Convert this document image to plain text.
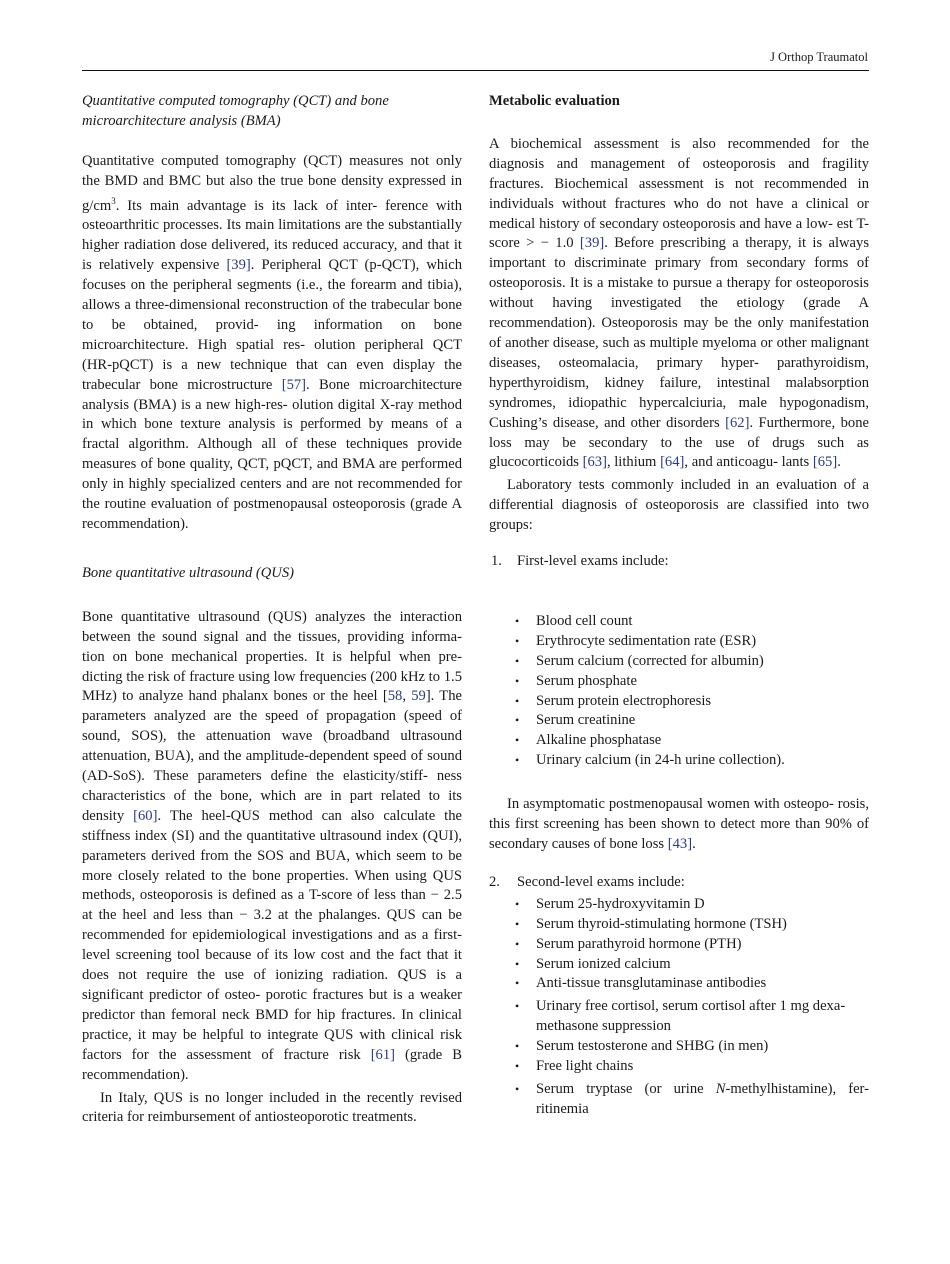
J Orthop Traumatol

Quantitative computed tomography (QCT) and bone microarchitecture analysis (BMA)

Quantitative computed tomography (QCT) measures not only the BMD and BMC but also the true bone density expressed in $g/cm^3$. Its main advantage is its lack of inter- ference with osteoarthritic processes. Its main limitations are the substantially higher radiation dose delivered, its reduced accuracy, and that it is relatively expensive [39]. Peripheral QCT (p-QCT), which focuses on the peripheral segments (i.e., the forearm and tibia), allows a three-dimensional reconstruction of the trabecular bone to be obtained, provid- ing information on bone microarchitecture. High spatial res- olution peripheral QCT (HR-pQCT) is a new technique that can even display the trabecular bone microstructure [57]. Bone microarchitecture analysis (BMA) is a new high-res- olution digital X-ray method in which bone texture analysis is performed by means of a fractal algorithm. Although all of these techniques provide measures of bone quality, QCT, pQCT, and BMA are performed only in highly specialized centers and are not recommended for the routine evaluation of postmenopausal osteoporosis (grade A recommendation).

Bone quantitative ultrasound (QUS)

Bone quantitative ultrasound (QUS) analyzes the interaction between the sound signal and the tissues, providing informa- tion on bone mechanical properties. It is helpful when pre- dicting the risk of fracture using low frequencies (200 kHz to 1.5 MHz) to analyze hand phalanx bones or the heel [58, 59]. The parameters analyzed are the speed of propagation (speed of sound, SOS), the attenuation wave (broadband ultrasound attenuation, BUA), and the amplitude-dependent speed of sound (AD-SoS). These parameters define the elasticity/stiff- ness characteristics of the bone, which are in part related to its density [60]. The heel-QUS method can also calculate the stiffness index (SI) and the quantitative ultrasound index (QUI), parameters derived from the SOS and BUA, which seem to be more closely related to the bone properties. When using QUS methods, osteoporosis is defined as a T-score of less than − 2.5 at the heel and less than − 3.2 at the phalanges. QUS can be recommended for epidemiological investigations and as a first-level screening tool because of its low cost and the fact that it does not require the use of ionizing radiation. QUS is a significant predictor of osteo- porotic fractures but is a weaker predictor than femoral neck BMD for hip fractures. In clinical practice, it may be helpful to integrate QUS with clinical risk factors for the assessment of fracture risk [61] (grade B recommendation).

In Italy, QUS is no longer included in the recently revised criteria for reimbursement of antiosteoporotic treatments.

Metabolic evaluation

A biochemical assessment is also recommended for the diagnosis and management of osteoporosis and fragility fractures. Biochemical assessment is not recommended in individuals without fractures who do not have a clinical or medical history of secondary osteoporosis and have a low- est T-score > − 1.0 [39]. Before prescribing a therapy, it is always important to discriminate primary from secondary forms of osteoporosis. It is a mistake to pursue a therapy for osteoporosis without having investigated the etiology (grade A recommendation). Osteoporosis may be the only manifestation of another disease, such as multiple myeloma or other malignant diseases, osteomalacia, primary hyper- parathyroidism, hyperthyroidism, kidney failure, intestinal malabsorption syndromes, idiopathic hypercalciuria, male hypogonadism, Cushing’s disease, and other disorders [62]. Furthermore, bone loss may be secondary to the use of drugs such as glucocorticoids [63], lithium [64], and anticoagu- lants [65].

Laboratory tests commonly included in an evaluation of a differential diagnosis of osteoporosis are classified into two groups:

1. First-level exams include:
• Blood cell count
• Erythrocyte sedimentation rate (ESR)
• Serum calcium (corrected for albumin)
• Serum phosphate
• Serum protein electrophoresis
• Serum creatinine
• Alkaline phosphatase
• Urinary calcium (in 24-h urine collection).

In asymptomatic postmenopausal women with osteopo- rosis, this first screening has been shown to detect more than 90% of secondary causes of bone loss [43].

2. Second-level exams include:
• Serum 25-hydroxyvitamin D
• Serum thyroid-stimulating hormone (TSH)
• Serum parathyroid hormone (PTH)
• Serum ionized calcium
• Anti-tissue transglutaminase antibodies
• Urinary free cortisol, serum cortisol after 1 mg dexa- methasone suppression
• Serum testosterone and SHBG (in men)
• Free light chains
• Serum tryptase (or urine N-methylhistamine), fer- ritinemia
